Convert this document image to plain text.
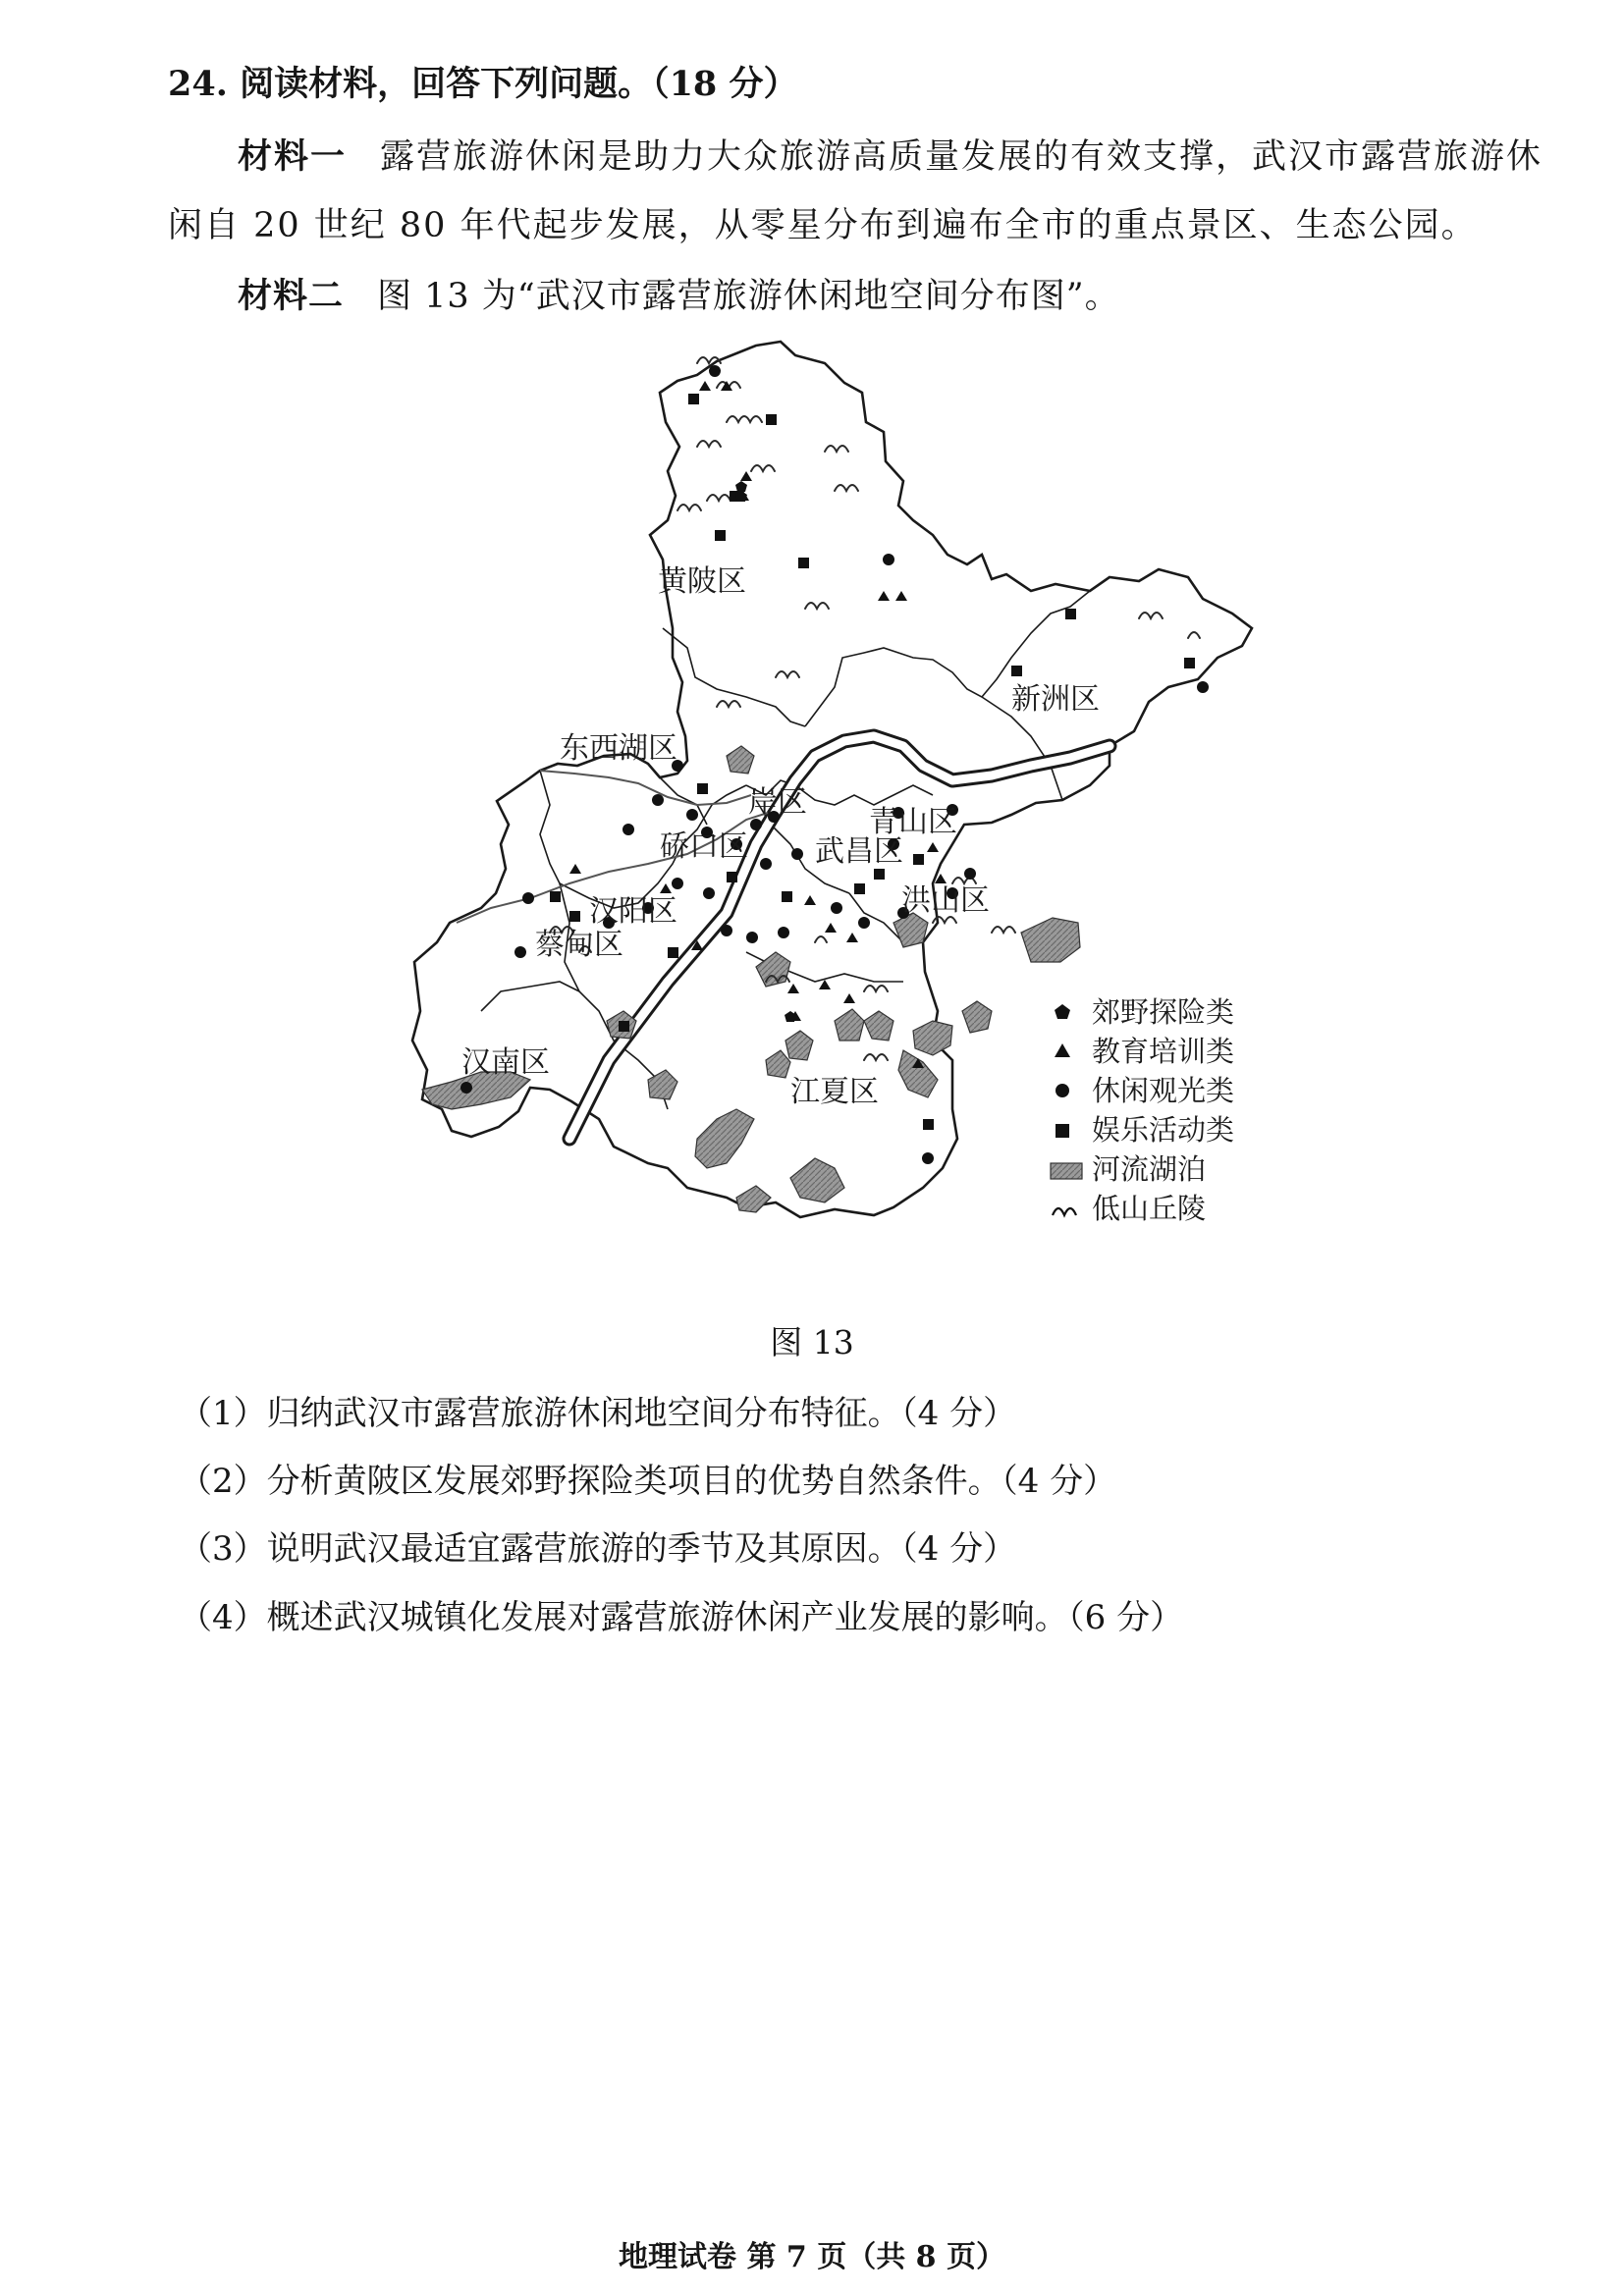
24. 阅读材料，回答下列问题。（18 分）
材料一 露营旅游休闲是助力大众旅游高质量发展的有效支撑，武汉市露营旅游休
闲自 20 世纪 80 年代起步发展，从零星分布到遍布全市的重点景区、生态公园。
材料二 图 13 为“武汉市露营旅游休闲地空间分布图”。
黄陂区
新洲区
东西湖区
岸区
青山区
硚口区 武昌区
汉阳区	洪山区
蔡甸区
汉南区
江夏区
郊野探险类
教育培训类
休闲观光类
娱乐活动类
河流湖泊
低山丘陵
图 13
（1）归纳武汉市露营旅游休闲地空间分布特征。（4 分）
（2）分析黄陂区发展郊野探险类项目的优势自然条件。（4 分）
（3）说明武汉最适宜露营旅游的季节及其原因。（4 分）
（4）概述武汉城镇化发展对露营旅游休闲产业发展的影响。（6 分）
地理试卷 第 7 页（共 8 页）
